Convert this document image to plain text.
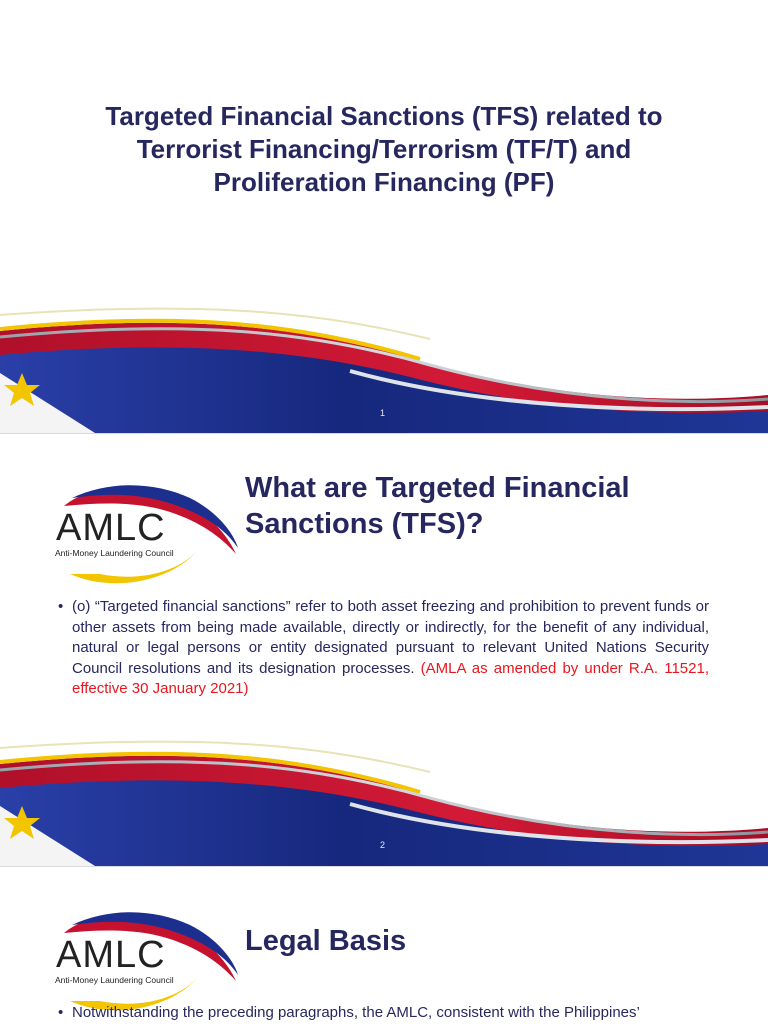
Targeted Financial Sanctions (TFS) related to Terrorist Financing/Terrorism (TF/T) and Proliferation Financing (PF)
1
AMLC
Anti-Money Laundering Council
What are Targeted Financial Sanctions (TFS)?
• (o) “Targeted financial sanctions” refer to both asset freezing and prohibition to prevent funds or other assets from being made available, directly or indirectly, for the benefit of any individual, natural or legal persons or entity designated pursuant to relevant United Nations Security Council resolutions and its designation processes. (AMLA as amended by under R.A. 11521, effective 30 January 2021)
2
AMLC
Anti-Money Laundering Council
Legal Basis
• Notwithstanding the preceding paragraphs, the AMLC, consistent with the Philippines’
